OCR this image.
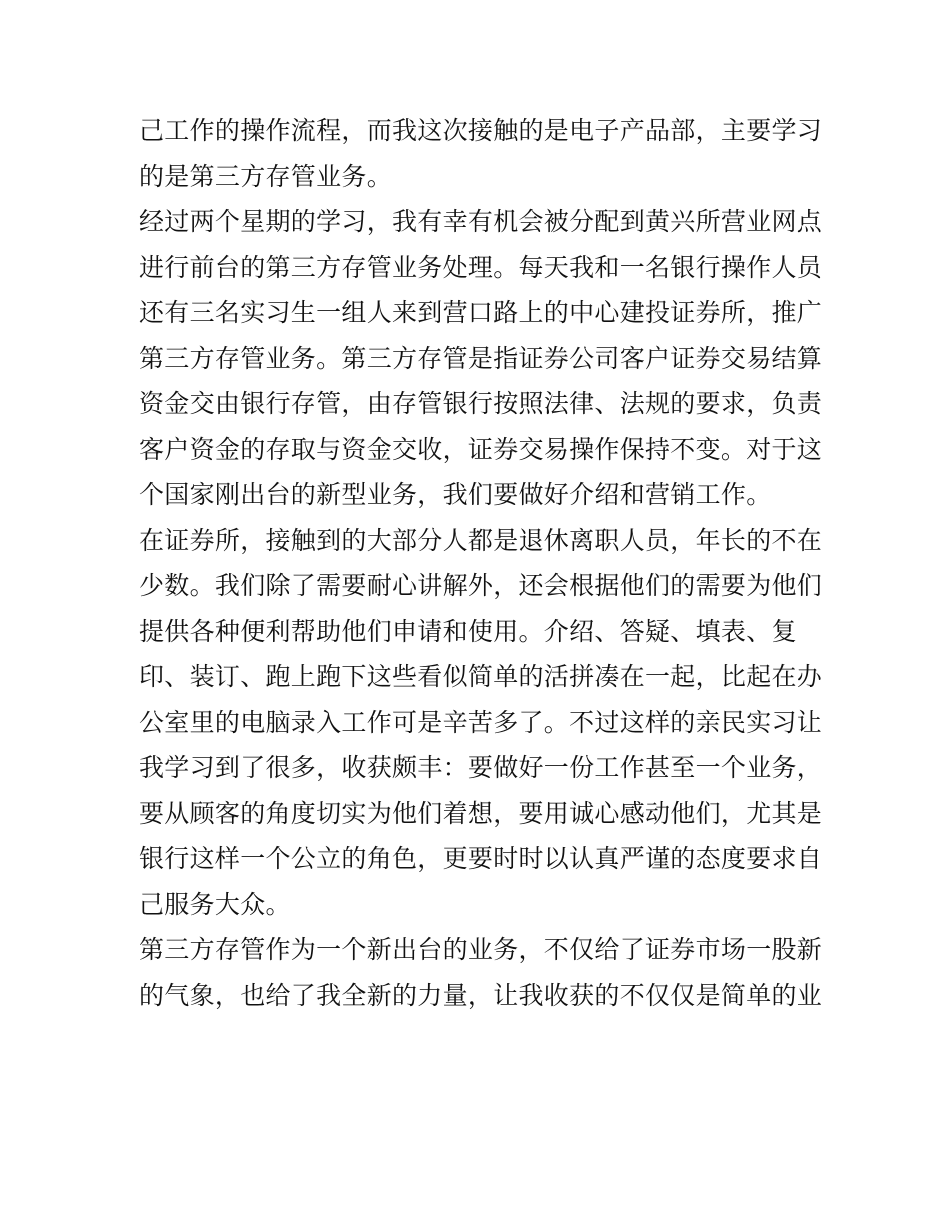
己工作的操作流程，而我这次接触的是电子产品部，主要学习
的是第三方存管业务。
经过两个星期的学习，我有幸有机会被分配到黄兴所营业网点
进行前台的第三方存管业务处理。每天我和一名银行操作人员
还有三名实习生一组人来到营口路上的中心建投证券所，推广
第三方存管业务。第三方存管是指证券公司客户证券交易结算
资金交由银行存管，由存管银行按照法律、法规的要求，负责
客户资金的存取与资金交收，证券交易操作保持不变。对于这
个国家刚出台的新型业务，我们要做好介绍和营销工作。
在证券所，接触到的大部分人都是退休离职人员，年长的不在
少数。我们除了需要耐心讲解外，还会根据他们的需要为他们
提供各种便利帮助他们申请和使用。介绍、答疑、填表、复
印、装订、跑上跑下这些看似简单的活拼凑在一起，比起在办
公室里的电脑录入工作可是辛苦多了。不过这样的亲民实习让
我学习到了很多，收获颇丰：要做好一份工作甚至一个业务，
要从顾客的角度切实为他们着想，要用诚心感动他们，尤其是
银行这样一个公立的角色，更要时时以认真严谨的态度要求自
己服务大众。
第三方存管作为一个新出台的业务，不仅给了证券市场一股新
的气象，也给了我全新的力量，让我收获的不仅仅是简单的业
